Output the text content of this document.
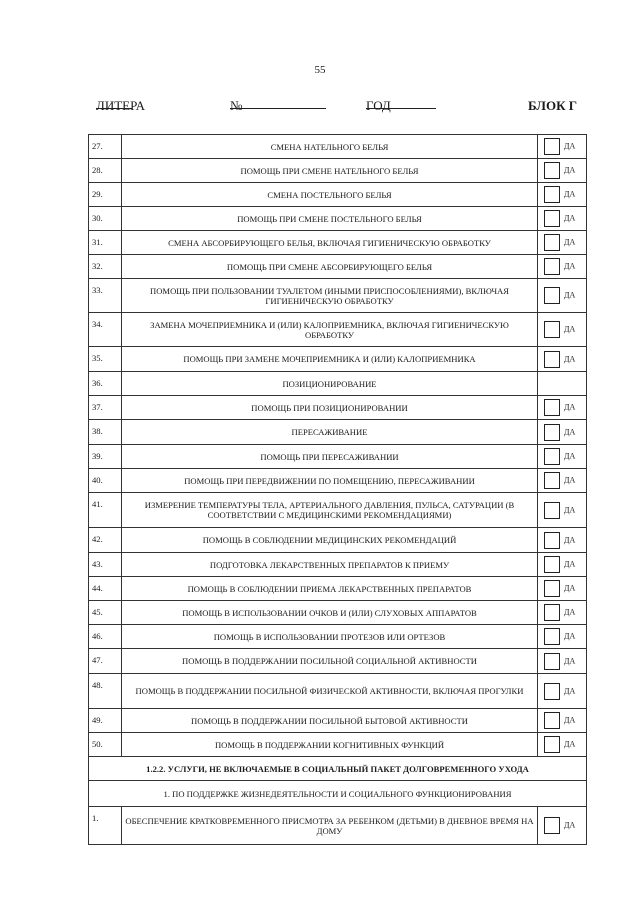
55
ЛИТЕРА	№	ГОД	БЛОК Г
27.	СМЕНА НАТЕЛЬНОГО БЕЛЬЯ	ДА
28.	ПОМОЩЬ ПРИ СМЕНЕ НАТЕЛЬНОГО БЕЛЬЯ	ДА
29.	СМЕНА ПОСТЕЛЬНОГО БЕЛЬЯ	ДА
30.	ПОМОЩЬ ПРИ СМЕНЕ ПОСТЕЛЬНОГО БЕЛЬЯ	ДА
31.	СМЕНА АБСОРБИРУЮЩЕГО БЕЛЬЯ, ВКЛЮЧАЯ ГИГИЕНИЧЕСКУЮ ОБРАБОТКУ	ДА
32.	ПОМОЩЬ ПРИ СМЕНЕ АБСОРБИРУЮЩЕГО БЕЛЬЯ	ДА
33.	ПОМОЩЬ ПРИ ПОЛЬЗОВАНИИ ТУАЛЕТОМ (ИНЫМИ ПРИСПОСОБЛЕНИЯМИ), ВКЛЮЧАЯ ГИГИЕНИЧЕСКУЮ ОБРАБОТКУ	ДА
34.	ЗАМЕНА МОЧЕПРИЕМНИКА И (ИЛИ) КАЛОПРИЕМНИКА, ВКЛЮЧАЯ ГИГИЕНИЧЕСКУЮ ОБРАБОТКУ	ДА
35.	ПОМОЩЬ ПРИ ЗАМЕНЕ МОЧЕПРИЕМНИКА И (ИЛИ) КАЛОПРИЕМНИКА	ДА
36.	ПОЗИЦИОНИРОВАНИЕ	
37.	ПОМОЩЬ ПРИ ПОЗИЦИОНИРОВАНИИ	ДА
38.	ПЕРЕСАЖИВАНИЕ	ДА
39.	ПОМОЩЬ ПРИ ПЕРЕСАЖИВАНИИ	ДА
40.	ПОМОЩЬ ПРИ ПЕРЕДВИЖЕНИИ ПО ПОМЕЩЕНИЮ, ПЕРЕСАЖИВАНИИ	ДА
41.	ИЗМЕРЕНИЕ ТЕМПЕРАТУРЫ ТЕЛА, АРТЕРИАЛЬНОГО ДАВЛЕНИЯ, ПУЛЬСА, САТУРАЦИИ (В СООТВЕТСТВИИ С МЕДИЦИНСКИМИ РЕКОМЕНДАЦИЯМИ)	ДА
42.	ПОМОЩЬ В СОБЛЮДЕНИИ МЕДИЦИНСКИХ РЕКОМЕНДАЦИЙ	ДА
43.	ПОДГОТОВКА ЛЕКАРСТВЕННЫХ ПРЕПАРАТОВ К ПРИЕМУ	ДА
44.	ПОМОЩЬ В СОБЛЮДЕНИИ ПРИЕМА ЛЕКАРСТВЕННЫХ ПРЕПАРАТОВ	ДА
45.	ПОМОЩЬ В ИСПОЛЬЗОВАНИИ ОЧКОВ И (ИЛИ) СЛУХОВЫХ АППАРАТОВ	ДА
46.	ПОМОЩЬ В ИСПОЛЬЗОВАНИИ ПРОТЕЗОВ ИЛИ ОРТЕЗОВ	ДА
47.	ПОМОЩЬ В ПОДДЕРЖАНИИ ПОСИЛЬНОЙ СОЦИАЛЬНОЙ АКТИВНОСТИ	ДА
48.	ПОМОЩЬ В ПОДДЕРЖАНИИ ПОСИЛЬНОЙ ФИЗИЧЕСКОЙ АКТИВНОСТИ, ВКЛЮЧАЯ ПРОГУЛКИ	ДА
49.	ПОМОЩЬ В ПОДДЕРЖАНИИ ПОСИЛЬНОЙ БЫТОВОЙ АКТИВНОСТИ	ДА
50.	ПОМОЩЬ В ПОДДЕРЖАНИИ КОГНИТИВНЫХ ФУНКЦИЙ	ДА
1.2.2. УСЛУГИ, НЕ ВКЛЮЧАЕМЫЕ В СОЦИАЛЬНЫЙ ПАКЕТ ДОЛГОВРЕМЕННОГО УХОДА		
1. ПО ПОДДЕРЖКЕ ЖИЗНЕДЕЯТЕЛЬНОСТИ И СОЦИАЛЬНОГО ФУНКЦИОНИРОВАНИЯ		
1.	ОБЕСПЕЧЕНИЕ КРАТКОВРЕМЕННОГО ПРИСМОТРА ЗА РЕБЕНКОМ (ДЕТЬМИ) В ДНЕВНОЕ ВРЕМЯ НА ДОМУ	ДА
